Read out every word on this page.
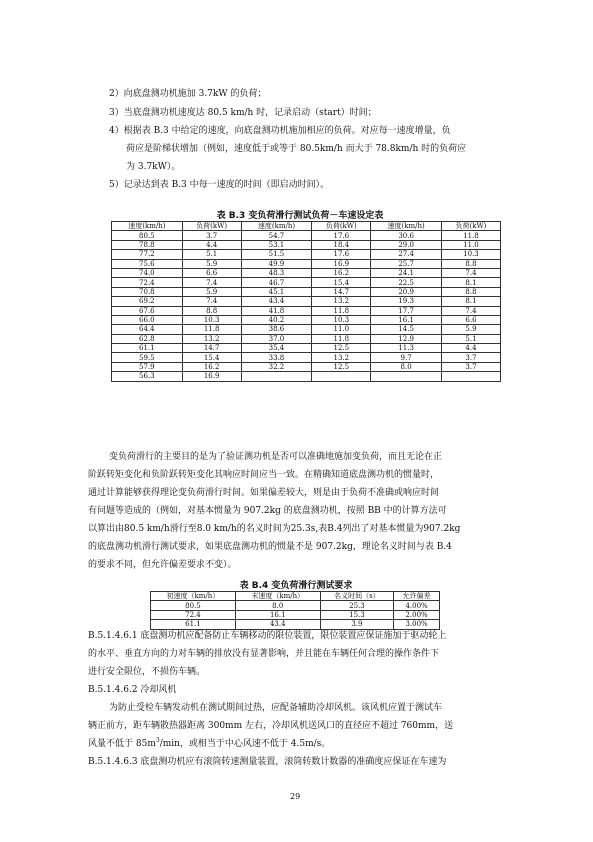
2）向底盘测功机施加 3.7kW 的负荷；
3）当底盘测功机速度达 80.5 km/h 时，记录启动（start）时间；
4）根据表 B.3 中给定的速度，向底盘测功机施加相应的负荷。对应每一速度增量，负
荷应是阶梯状增加（例如，速度低于或等于 80.5km/h 而大于 78.8km/h 时的负荷应
为 3.7kW）。
5）记录达到表 B.3 中每一速度的时间（即启动时间）。
表 B.3 变负荷滑行测试负荷－车速设定表
速度(km/h)	负荷(kW)	速度(km/h)	负荷(kW)	速度(km/h)	负荷(kW)
80.5	3.7	54.7	17.6	30.6	11.8
78.8	4.4	53.1	18.4	29.0	11.0
77.2	5.1	51.5	17.6	27.4	10.3
75.6	5.9	49.9	16.9	25.7	8.8
74.0	6.6	48.3	16.2	24.1	7.4
72.4	7.4	46.7	15.4	22.5	8.1
70.8	5.9	45.1	14.7	20.9	8.8
69.2	7.4	43.4	13.2	19.3	8.1
67.6	8.8	41.8	11.8	17.7	7.4
66.0	10.3	40.2	10.3	16.1	6.6
64.4	11.8	38.6	11.0	14.5	5.9
62.8	13.2	37.0	11.8	12.9	5.1
61.1	14.7	35.4	12.5	11.3	4.4
59.5	15.4	33.8	13.2	9.7	3.7
57.9	16.2	32.2	12.5	8.0	3.7
56.3	16.9				
变负荷滑行的主要目的是为了验证测功机是否可以准确地施加变负荷，而且无论在正
阶跃转矩变化和负阶跃转矩变化其响应时间应当一致。在精确知道底盘测功机的惯量时，
通过计算能够获得理论变负荷滑行时间。如果偏差较大，则是由于负荷不准确或响应时间
有问题等造成的（例如，对基本惯量为 907.2kg 的底盘测功机，按照 BB 中的计算方法可
以算出由80.5 km/h滑行至8.0 km/h的名义时间为25.3s,表B.4列出了对基本惯量为907.2kg
的底盘测功机滑行测试要求，如果底盘测功机的惯量不是 907.2kg，理论名义时间与表 B.4
的要求不同，但允许偏差要求不变）。
表 B.4 变负荷滑行测试要求
初速度（km/h）	末速度（km/h）	名义时间（s）	允许偏差
80.5	8.0	25.3	4.00%
72.4	16.1	15.3	2.00%
61.1	43.4	3.9	3.00%
B.5.1.4.6.1 底盘测功机应配备防止车辆移动的限位装置，限位装置应保证施加于驱动轮上
的水平、垂直方向的力对车辆的排放没有显著影响，并且能在车辆任何合理的操作条件下
进行安全限位，不损伤车辆。
B.5.1.4.6.2 冷却风机
为防止受检车辆发动机在测试期间过热，应配备辅助冷却风机。该风机应置于测试车
辆正前方，距车辆散热器距离 300mm 左右，冷却风机送风口的直径应不超过 760mm，送
风量不低于 $85m^3/\min$，或相当于中心风速不低于 4.5m/s。
B.5.1.4.6.3 底盘测功机应有滚筒转速测量装置，滚筒转数计数器的准确度应保证在车速为
29
